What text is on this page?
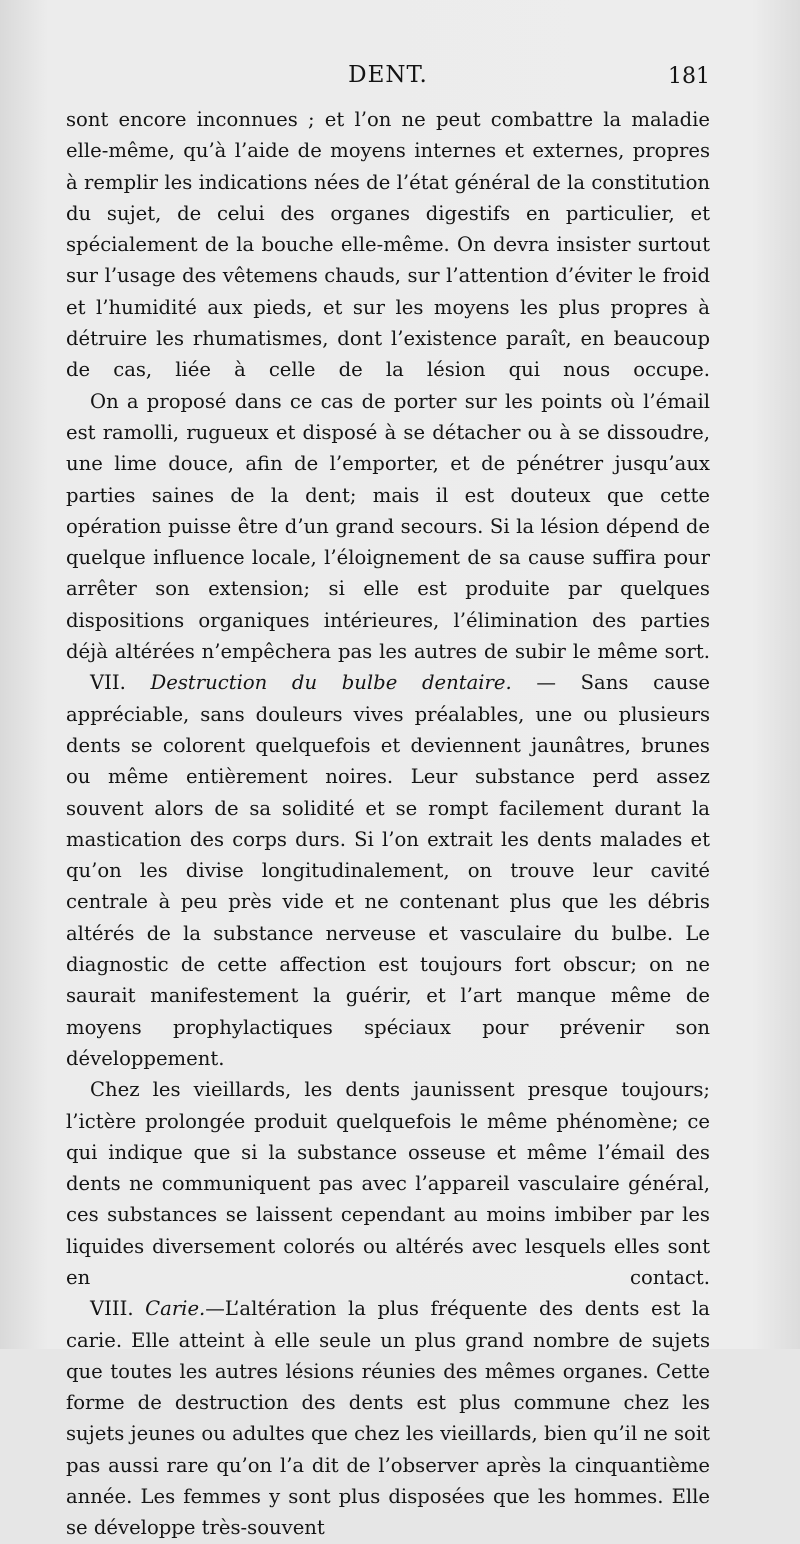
DENT.	181

sont encore inconnues ; et l’on ne peut combattre la maladie elle-même, qu’à l’aide de moyens internes et externes, propres à remplir les indications nées de l’état général de la constitution du sujet, de celui des organes digestifs en particulier, et spécialement de la bouche elle-même. On devra insister surtout sur l’usage des vêtemens chauds, sur l’attention d’éviter le froid et l’humidité aux pieds, et sur les moyens les plus propres à détruire les rhumatismes, dont l’existence paraît, en beaucoup de cas, liée à celle de la lésion qui nous occupe.

On a proposé dans ce cas de porter sur les points où l’émail est ramolli, rugueux et disposé à se détacher ou à se dissoudre, une lime douce, afin de l’emporter, et de pénétrer jusqu’aux parties saines de la dent; mais il est douteux que cette opération puisse être d’un grand secours. Si la lésion dépend de quelque influence locale, l’éloignement de sa cause suffira pour arrêter son extension; si elle est produite par quelques dispositions organiques intérieures, l’élimination des parties déjà altérées n’empêchera pas les autres de subir le même sort.

VII. Destruction du bulbe dentaire. — Sans cause appréciable, sans douleurs vives préalables, une ou plusieurs dents se colorent quelquefois et deviennent jaunâtres, brunes ou même entièrement noires. Leur substance perd assez souvent alors de sa solidité et se rompt facilement durant la mastication des corps durs. Si l’on extrait les dents malades et qu’on les divise longitudinalement, on trouve leur cavité centrale à peu près vide et ne contenant plus que les débris altérés de la substance nerveuse et vasculaire du bulbe. Le diagnostic de cette affection est toujours fort obscur; on ne saurait manifestement la guérir, et l’art manque même de moyens prophylactiques spéciaux pour prévenir son développement.

Chez les vieillards, les dents jaunissent presque toujours; l’ictère prolongée produit quelquefois le même phénomène; ce qui indique que si la substance osseuse et même l’émail des dents ne communiquent pas avec l’appareil vasculaire général, ces substances se laissent cependant au moins imbiber par les liquides diversement colorés ou altérés avec lesquels elles sont en contact.

VIII. Carie.—L’altération la plus fréquente des dents est la carie. Elle atteint à elle seule un plus grand nombre de sujets que toutes les autres lésions réunies des mêmes organes. Cette forme de destruction des dents est plus commune chez les sujets jeunes ou adultes que chez les vieillards, bien qu’il ne soit pas aussi rare qu’on l’a dit de l’observer après la cinquantième année. Les femmes y sont plus disposées que les hommes. Elle se développe très-souvent
